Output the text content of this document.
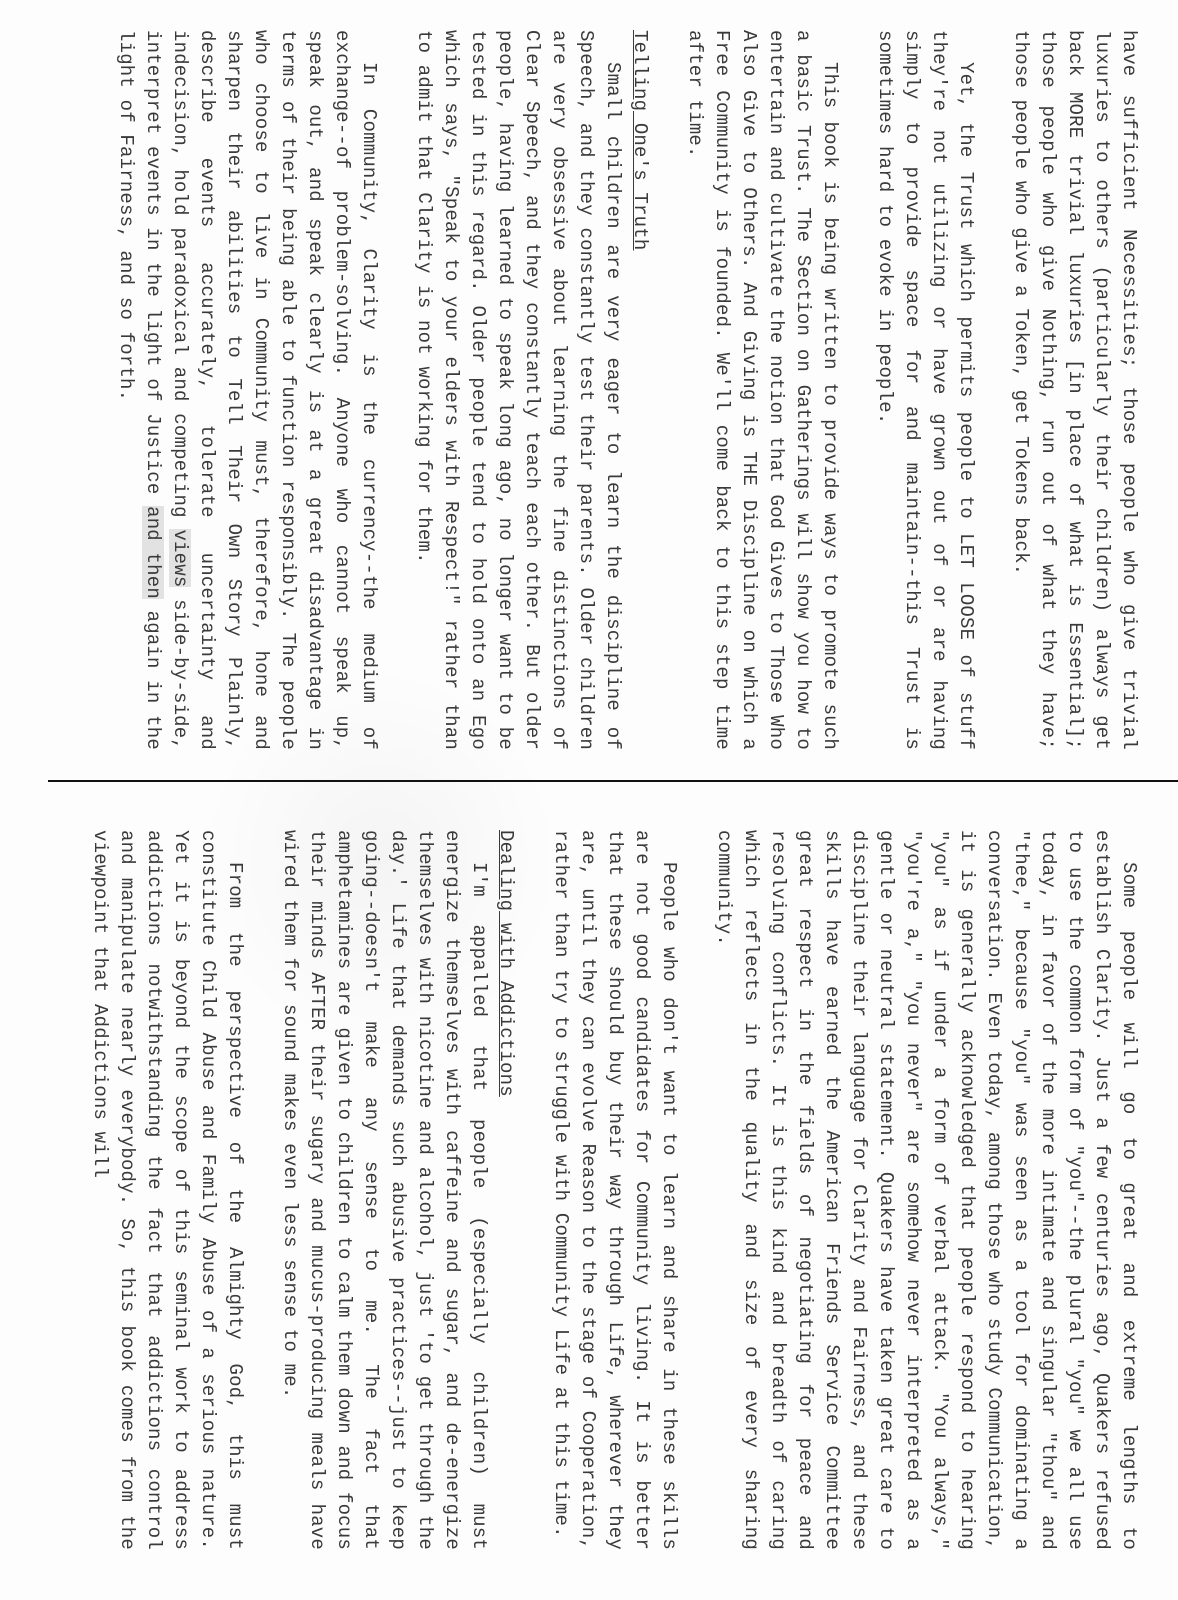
have sufficient Necessities; those people who give trivial luxuries to others (particularly their children) always get back MORE trivial luxuries [in place of what is Essential]; those people who give Nothing, run out of what they have; those people who give a Token, get Tokens back.

Yet, the Trust which permits people to LET LOOSE of stuff they're not utilizing or have grown out of or are having simply to provide space for and maintain--this Trust is sometimes hard to evoke in people.

This book is being written to provide ways to promote such a basic Trust. The Section on Gatherings will show you how to entertain and cultivate the notion that God Gives to Those Who Also Give to Others. And Giving is THE Discipline on which a Free Community is founded. We'll come back to this step time after time.

Telling One's Truth

Small children are very eager to learn the discipline of Speech, and they constantly test their parents. Older children are very obsessive about learning the fine distinctions of Clear Speech, and they constantly teach each other. But older people, having learned to speak long ago, no longer want to be tested in this regard. Older people tend to hold onto an Ego which says, "Speak to your elders with Respect!" rather than to admit that Clarity is not working for them.

In Community, Clarity is the currency--the medium of exchange--of problem-solving. Anyone who cannot speak up, speak out, and speak clearly is at a great disadvantage in terms of their being able to function responsibly. The people who choose to live in Community must, therefore, hone and sharpen their abilities to Tell Their Own Story Plainly, describe events accurately, tolerate uncertainty and indecision, hold paradoxical and competing views side-by-side, interpret events in the light of Justice and then again in the light of Fairness, and so forth.

Some people will go to great and extreme lengths to establish Clarity. Just a few centuries ago, Quakers refused to use the common form of "you"--the plural "you" we all use today, in favor of the more intimate and singular "thou" and "thee," because "you" was seen as a tool for dominating a conversation. Even today, among those who study Communication, it is generally acknowledged that people respond to hearing "you" as if under a form of verbal attack. "You always," "you're a," "you never" are somehow never interpreted as a gentle or neutral statement. Quakers have taken great care to discipline their language for Clarity and Fairness, and these skills have earned the American Friends Service Committee great respect in the fields of negotiating for peace and resolving conflicts. It is this kind and breadth of caring which reflects in the quality and size of every sharing community.

People who don't want to learn and share in these skills are not good candidates for Community living. It is better that these should buy their way through Life, wherever they are, until they can evolve Reason to the stage of Cooperation, rather than try to struggle with Community Life at this time.

Dealing with Addictions

I'm appalled that people (especially children) must energize themselves with caffeine and sugar, and de-energize themselves with nicotine and alcohol, just 'to get through the day.' Life that demands such abusive practices--just to keep going--doesn't make any sense to me. The fact that amphetamines are given to children to calm them down and focus their minds AFTER their sugary and mucus-producing meals have wired them for sound makes even less sense to me.

From the perspective of the Almighty God, this must constitute Child Abuse and Family Abuse of a serious nature. Yet it is beyond the scope of this seminal work to address addictions notwithstanding the fact that addictions control and manipulate nearly everybody. So, this book comes from the viewpoint that Addictions will
